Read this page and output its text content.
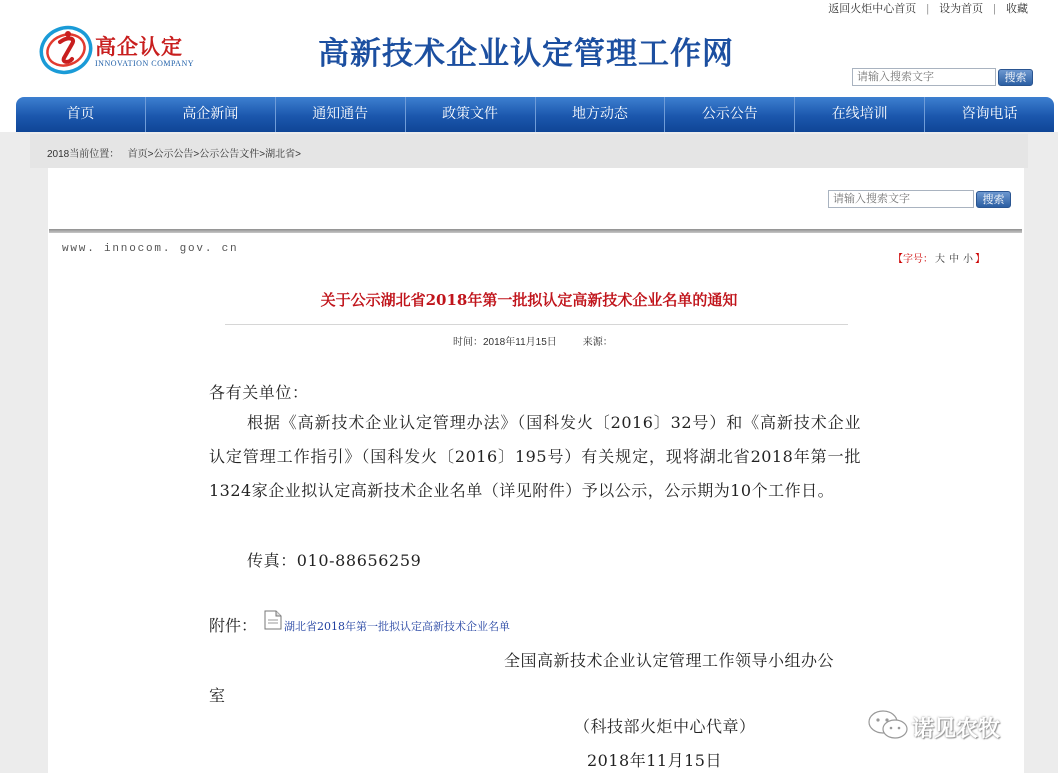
返回火炬中心首页 | 设为首页 | 收藏
高企认定
INNOVATION COMPANY	高新技术企业认定管理工作网
请输入搜索文字	搜索
首页	高企新闻	通知通告	政策文件	地方动态	公示公告	在线培训	咨询电话
2018当前位置： 首页>公示公告>公示公告文件>湖北省>
请输入搜索文字	搜索
www. innocom. gov. cn
【字号： 大 中 小 】
关于公示湖北省2018年第一批拟认定高新技术企业名单的通知
时间：2018年11月15日	来源：
各有关单位：
根据《高新技术企业认定管理办法》（国科发火〔2016〕32号）和《高新技术企业认定管理工作指引》（国科发火〔2016〕195号）有关规定，现将湖北省2018年第一批1324家企业拟认定高新技术企业名单（详见附件）予以公示，公示期为10个工作日。
传真：010-88656259
附件： 湖北省2018年第一批拟认定高新技术企业名单
全国高新技术企业认定管理工作领导小组办公
室
（科技部火炬中心代章）
2018年11月15日
诺见农牧
